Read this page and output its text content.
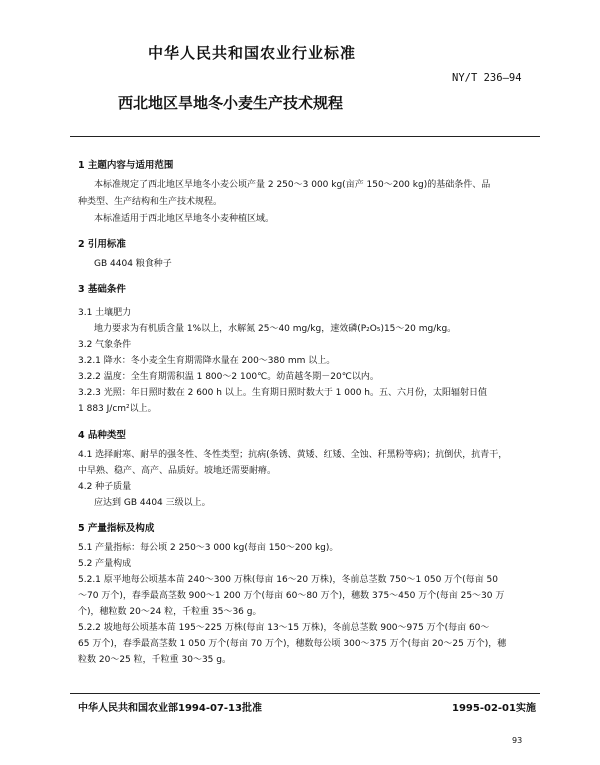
中华人民共和国农业行业标准
NY/T 236—94
西北地区旱地冬小麦生产技术规程
1 主题内容与适用范围
本标准规定了西北地区旱地冬小麦公顷产量 2 250～3 000 kg(亩产 150～200 kg)的基础条件、品
种类型、生产结构和生产技术规程。
本标准适用于西北地区旱地冬小麦种植区域。
2 引用标准
GB 4404 粮食种子
3 基础条件
3.1 土壤肥力
地力要求为有机质含量 1%以上，水解氮 25～40 mg/kg，速效磷(P₂O₅)15～20 mg/kg。
3.2 气象条件
3.2.1 降水：冬小麦全生育期需降水量在 200～380 mm 以上。
3.2.2 温度：全生育期需积温 1 800～2 100℃。幼苗越冬期－20℃以内。
3.2.3 光照：年日照时数在 2 600 h 以上。生育期日照时数大于 1 000 h。五、六月份，太阳辐射日值
1 883 J/cm²以上。
4 品种类型
4.1 选择耐寒、耐旱的强冬性、冬性类型；抗病(条锈、黄矮、红矮、全蚀、秆黑粉等病)；抗倒伏，抗青干，
中早熟、稳产、高产、品质好。坡地还需要耐瘠。
4.2 种子质量
应达到 GB 4404 三级以上。
5 产量指标及构成
5.1 产量指标：每公顷 2 250～3 000 kg(每亩 150～200 kg)。
5.2 产量构成
5.2.1 原平地每公顷基本苗 240～300 万株(每亩 16～20 万株)，冬前总茎数 750～1 050 万个(每亩 50
～70 万个)，春季最高茎数 900～1 200 万个(每亩 60～80 万个)，穗数 375～450 万个(每亩 25～30 万
个)，穗粒数 20～24 粒，千粒重 35～36 g。
5.2.2 坡地每公顷基本苗 195～225 万株(每亩 13～15 万株)，冬前总茎数 900～975 万个(每亩 60～
65 万个)，春季最高茎数 1 050 万个(每亩 70 万个)，穗数每公顷 300～375 万个(每亩 20～25 万个)，穗
粒数 20～25 粒，千粒重 30～35 g。
中华人民共和国农业部1994-07-13批准	1995-02-01实施
93
